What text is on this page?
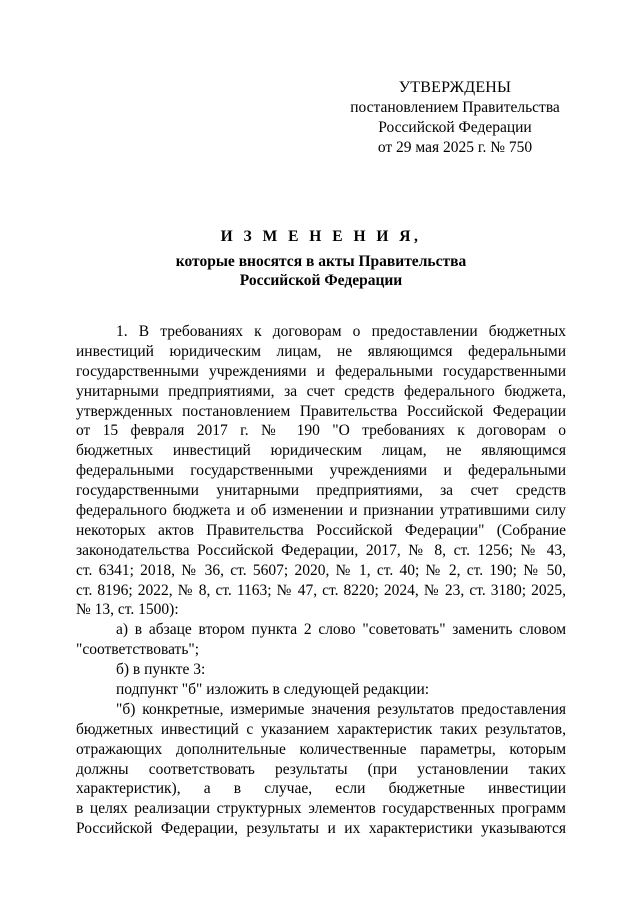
УТВЕРЖДЕНЫ
постановлением Правительства
Российской Федерации
от 29 мая 2025 г. № 750
И З М Е Н Е Н И Я,
которые вносятся в акты Правительства
Российской Федерации
1. В требованиях к договорам о предоставлении бюджетных
инвестиций юридическим лицам, не являющимся федеральными
государственными учреждениями и федеральными государственными
унитарными предприятиями, за счет средств федерального бюджета,
утвержденных постановлением Правительства Российской Федерации
от 15 февраля 2017 г. № 190 "О требованиях к договорам о
бюджетных инвестиций юридическим лицам, не являющимся
федеральными государственными учреждениями и федеральными
государственными унитарными предприятиями, за счет средств
федерального бюджета и об изменении и признании утратившими силу
некоторых актов Правительства Российской Федерации" (Собрание
законодательства Российской Федерации, 2017, № 8, ст. 1256; № 43,
ст. 6341; 2018, № 36, ст. 5607; 2020, № 1, ст. 40; № 2, ст. 190; № 50,
ст. 8196; 2022, № 8, ст. 1163; № 47, ст. 8220; 2024, № 23, ст. 3180; 2025,
№ 13, ст. 1500):
а) в абзаце втором пункта 2 слово "советовать" заменить словом
"соответствовать";
б) в пункте 3:
подпункт "б" изложить в следующей редакции:
"б) конкретные, измеримые значения результатов предоставления
бюджетных инвестиций с указанием характеристик таких результатов,
отражающих дополнительные количественные параметры, которым
должны соответствовать результаты (при установлении таких
характеристик), а в случае, если бюджетные инвестиции
в целях реализации структурных элементов государственных программ
Российской Федерации, результаты и их характеристики указываются
